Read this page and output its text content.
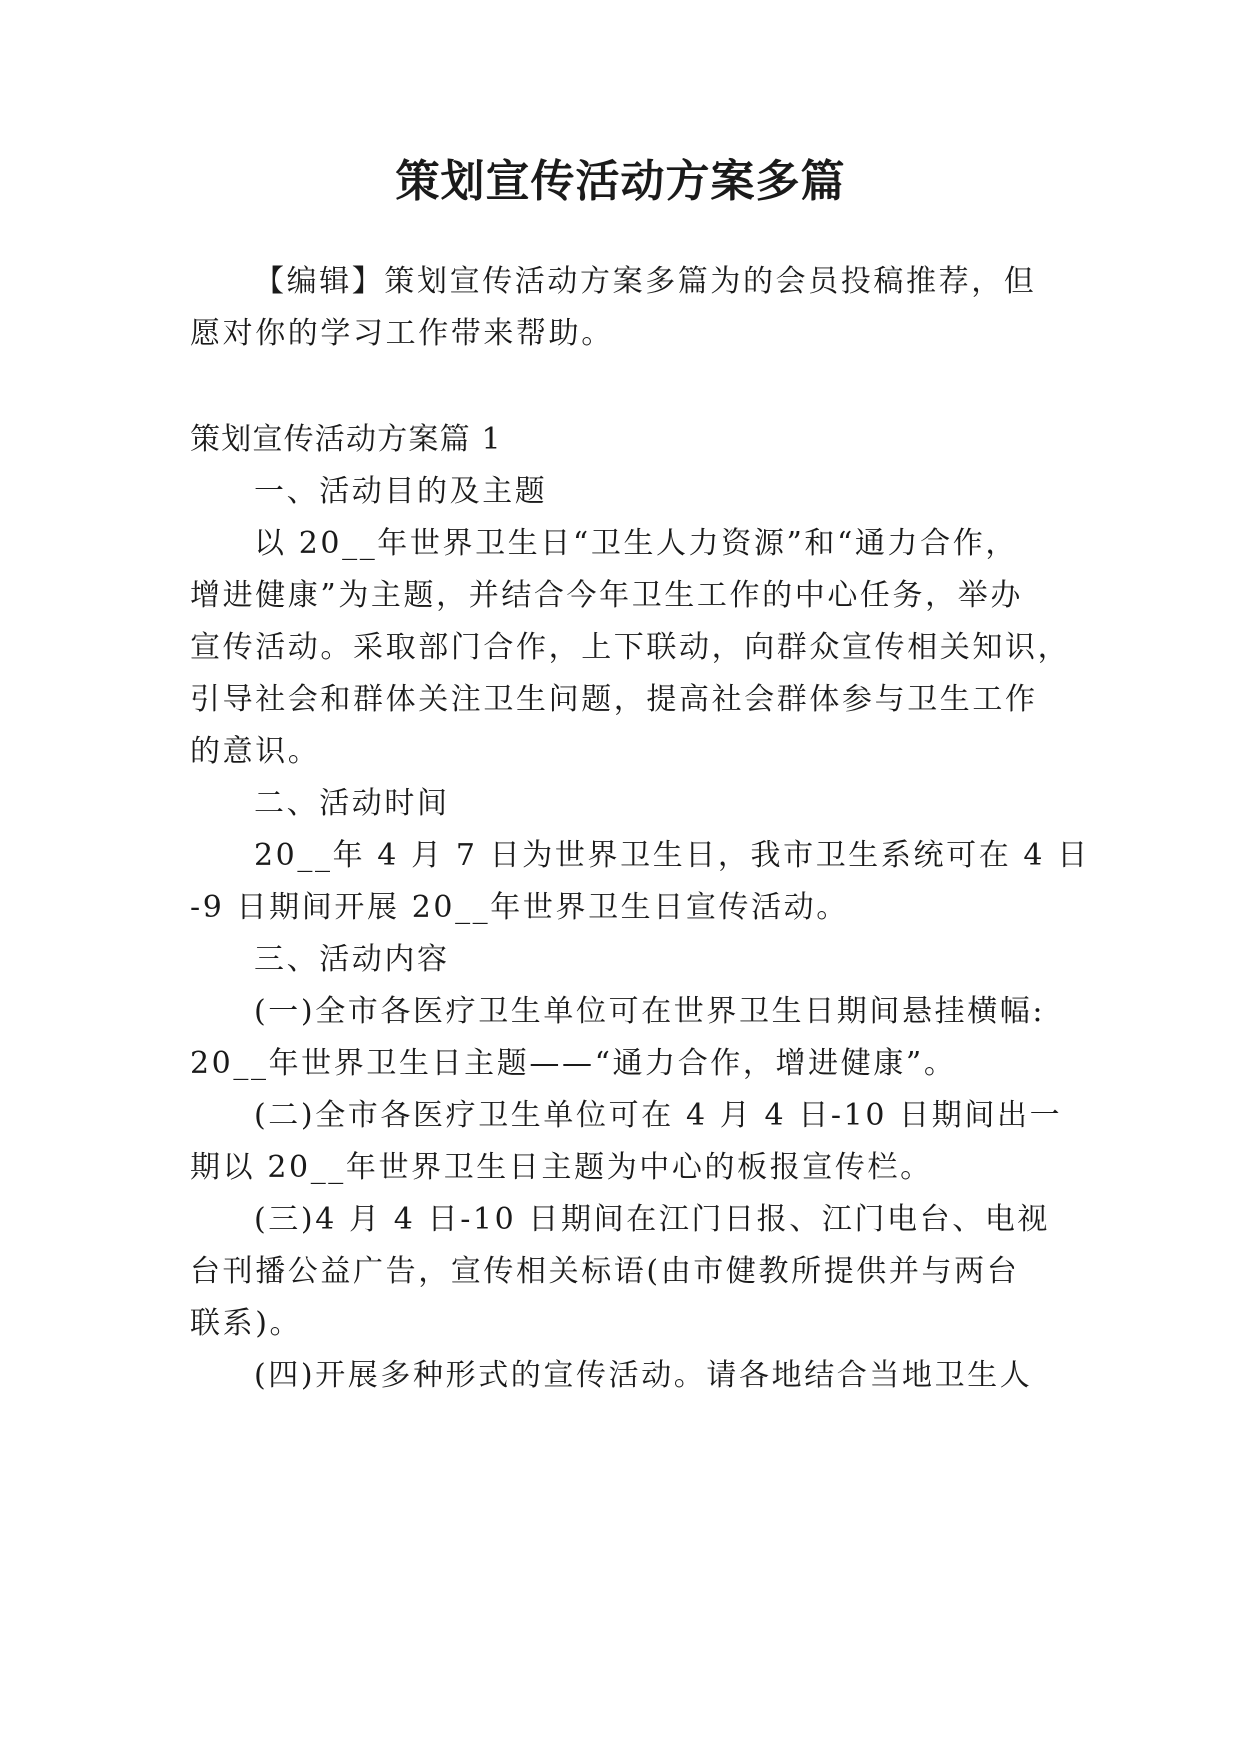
策划宣传活动方案多篇
【编辑】策划宣传活动方案多篇为的会员投稿推荐，但
愿对你的学习工作带来帮助。
策划宣传活动方案篇 1
一、活动目的及主题
以 20__年世界卫生日“卫生人力资源”和“通力合作，
增进健康”为主题，并结合今年卫生工作的中心任务，举办
宣传活动。采取部门合作，上下联动，向群众宣传相关知识，
引导社会和群体关注卫生问题，提高社会群体参与卫生工作
的意识。
二、活动时间
20__年 4 月 7 日为世界卫生日，我市卫生系统可在 4 日
-9 日期间开展 20__年世界卫生日宣传活动。
三、活动内容
(一)全市各医疗卫生单位可在世界卫生日期间悬挂横幅:
20__年世界卫生日主题——“通力合作，增进健康”。
(二)全市各医疗卫生单位可在 4 月 4 日-10 日期间出一
期以 20__年世界卫生日主题为中心的板报宣传栏。
(三)4 月 4 日-10 日期间在江门日报、江门电台、电视
台刊播公益广告，宣传相关标语(由市健教所提供并与两台
联系)。
(四)开展多种形式的宣传活动。请各地结合当地卫生人
